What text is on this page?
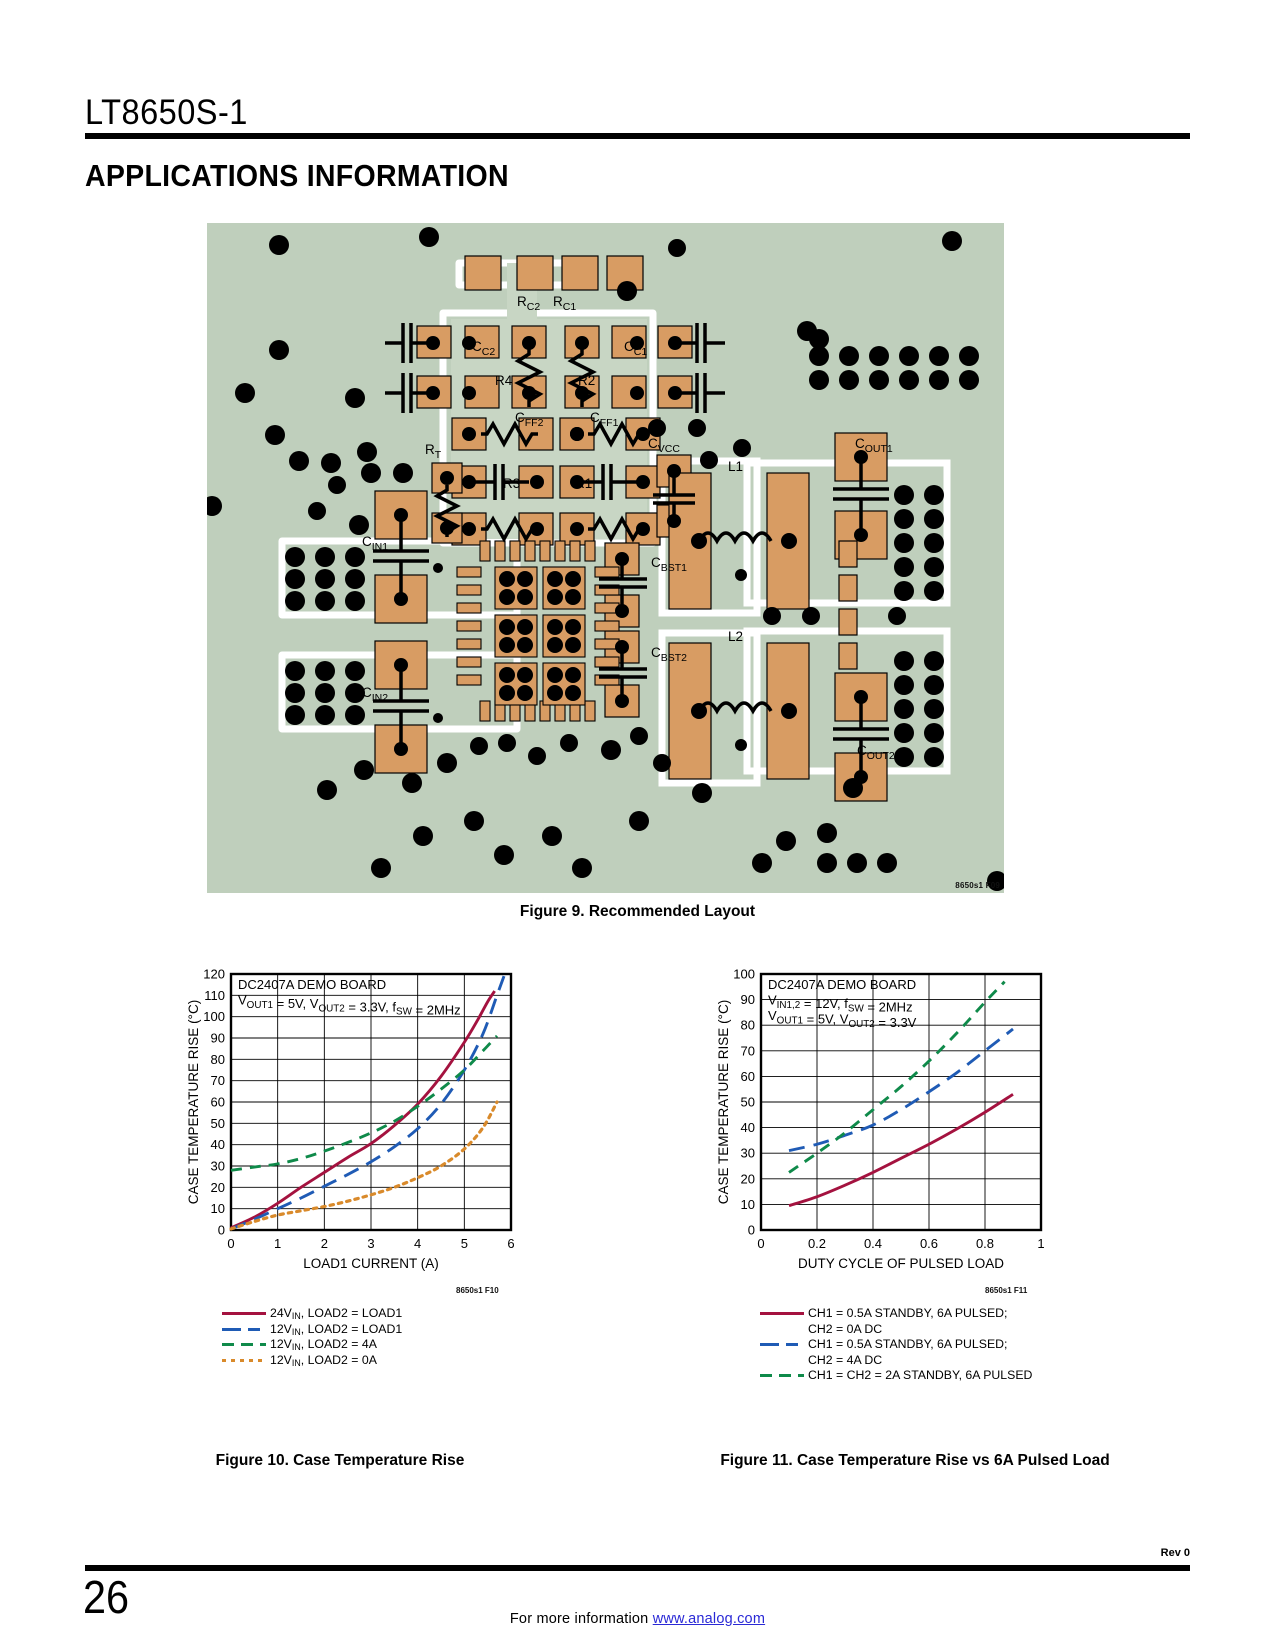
LT8650S-1
APPLICATIONS INFORMATION
$R_{C2}$ $R_{C1}$
$C_{C2}$	$C_{C1}$
R4	R2
$C_{FF2}$	$C_{FF1}$
$R_T$
R3	R1
$C_{VCC}$	$C_{OUT1}$
L1
$C_{IN1}$
$C_{BST1}$
$C_{BST2}$
L2
$C_{IN2}$
$C_{OUT2}$
8650s1 F09
Figure 9. Recommended Layout
0
10
20
30
40
50
60
70
80
90
100
110
120
0	1	2	3	4	5	6
LOAD1 CURRENT (A)
CASE TEMPERATURE RISE (°C)
DC2407A DEMO BOARD
$V_{OUT1} = 5V$, $V_{OUT2} = 3.3V$, $f_{SW} = 2MHz$
8650s1 F10
$24V_{IN}$, LOAD2 = LOAD1
$12V_{IN}$, LOAD2 = LOAD1
$12V_{IN}$, LOAD2 = 4A
$12V_{IN}$, LOAD2 = 0A
Figure 10. Case Temperature Rise
0
10
20
30
40
50
60
70
80
90
100
0	0.2	0.4	0.6	0.8	1
DUTY CYCLE OF PULSED LOAD
CASE TEMPERATURE RISE (°C)
DC2407A DEMO BOARD
$V_{IN1,2} = 12V$, $f_{SW} = 2MHz$
$V_{OUT1} = 5V$, $V_{OUT2} = 3.3V$
8650s1 F11
CH1 = 0.5A STANDBY, 6A PULSED;
CH2 = 0A DC
CH1 = 0.5A STANDBY, 6A PULSED;
CH2 = 4A DC
CH1 = CH2 = 2A STANDBY, 6A PULSED
Figure 11. Case Temperature Rise vs 6A Pulsed Load
Rev 0
26	For more information www.analog.com
